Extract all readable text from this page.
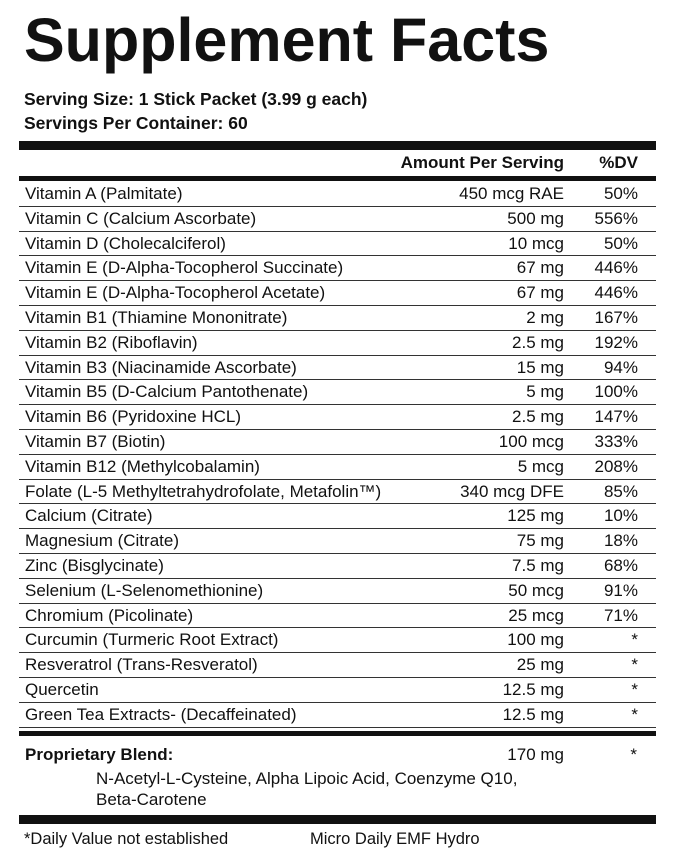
Supplement Facts
Serving Size: 1 Stick Packet (3.99 g each)
Servings Per Container: 60
Amount Per Serving %DV
Vitamin A (Palmitate)	450 mcg RAE 50%
Vitamin C (Calcium Ascorbate)	500 mg 556%
Vitamin D (Cholecalciferol)	10 mcg 50%
Vitamin E (D-Alpha-Tocopherol Succinate)	67 mg 446%
Vitamin E (D-Alpha-Tocopherol Acetate)	67 mg 446%
Vitamin B1 (Thiamine Mononitrate)	2 mg 167%
Vitamin B2 (Riboflavin)	2.5 mg 192%
Vitamin B3 (Niacinamide Ascorbate)	15 mg 94%
Vitamin B5 (D-Calcium Pantothenate)	5 mg 100%
Vitamin B6 (Pyridoxine HCL)	2.5 mg 147%
Vitamin B7 (Biotin)	100 mcg 333%
Vitamin B12 (Methylcobalamin)	5 mcg 208%
Folate (L-5 Methyltetrahydrofolate, Metafolin™)	340 mcg DFE 85%
Calcium (Citrate)	125 mg 10%
Magnesium (Citrate)	75 mg 18%
Zinc (Bisglycinate)	7.5 mg 68%
Selenium (L-Selenomethionine)	50 mcg 91%
Chromium (Picolinate)	25 mcg 71%
Curcumin (Turmeric Root Extract)	100 mg	*
Resveratrol (Trans-Resveratol)	25 mg	*
Quercetin	12.5 mg	*
Green Tea Extracts- (Decaffeinated)	12.5 mg	*
Proprietary Blend:	170 mg	*
N-Acetyl-L-Cysteine, Alpha Lipoic Acid, Coenzyme Q10,
Beta-Carotene
*Daily Value not established	Micro Daily EMF Hydro
